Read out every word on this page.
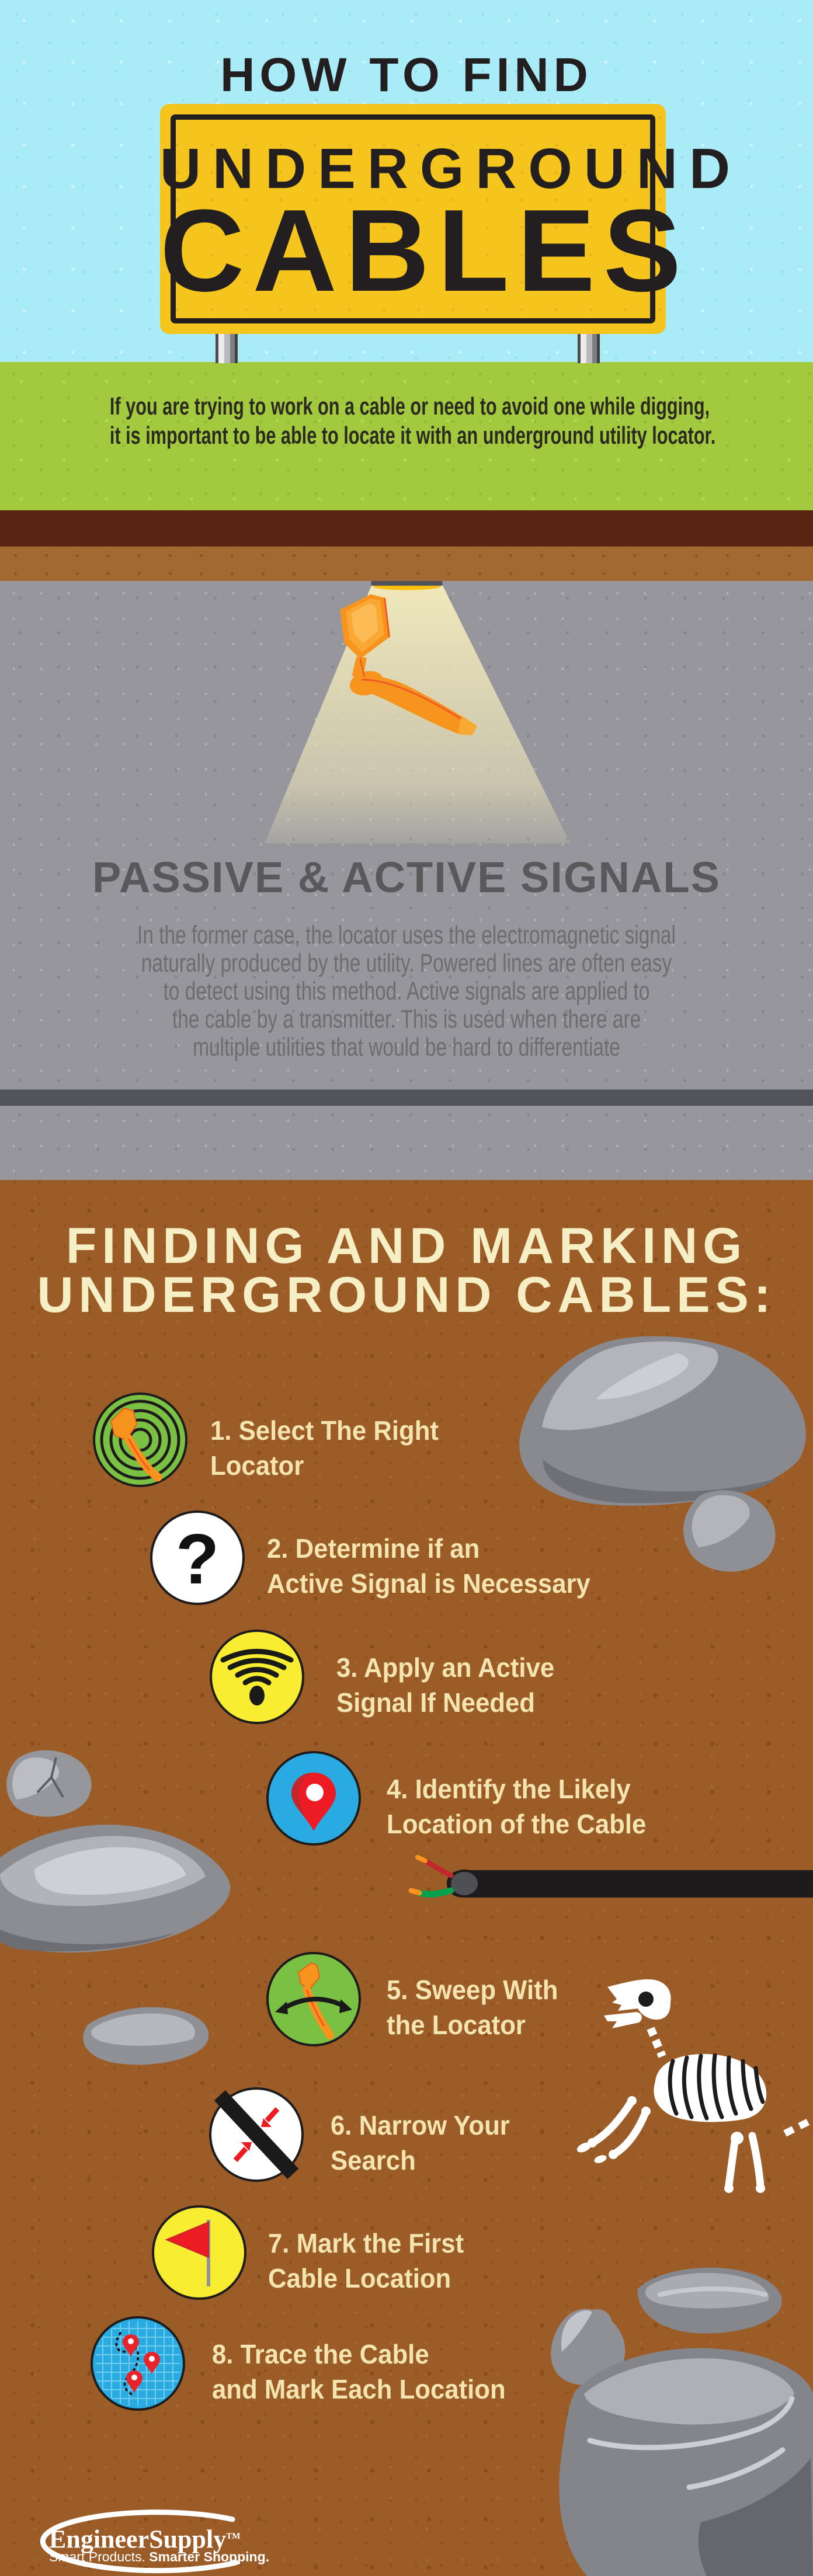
HOW TO FIND
UNDERGROUND
CABLES
If you are trying to work on a cable or need to avoid one while digging,
it is important to be able to locate it with an underground utility locator.
PASSIVE & ACTIVE SIGNALS
In the former case, the locator uses the electromagnetic signal
naturally produced by the utility. Powered lines are often easy
to detect using this method. Active signals are applied to
the cable by a transmitter. This is used when there are
multiple utilities that would be hard to differentiate
FINDING AND MARKING
UNDERGROUND CABLES:
1. Select The Right
Locator
?	2. Determine if an
Active Signal is Necessary
3. Apply an Active
Signal If Needed
4. Identify the Likely
Location of the Cable
5. Sweep With
the Locator
6. Narrow Your
Search
7. Mark the First
Cable Location
8. Trace the Cable
and Mark Each Location
EngineerSupply™
Smart Products. Smarter Shopping.
